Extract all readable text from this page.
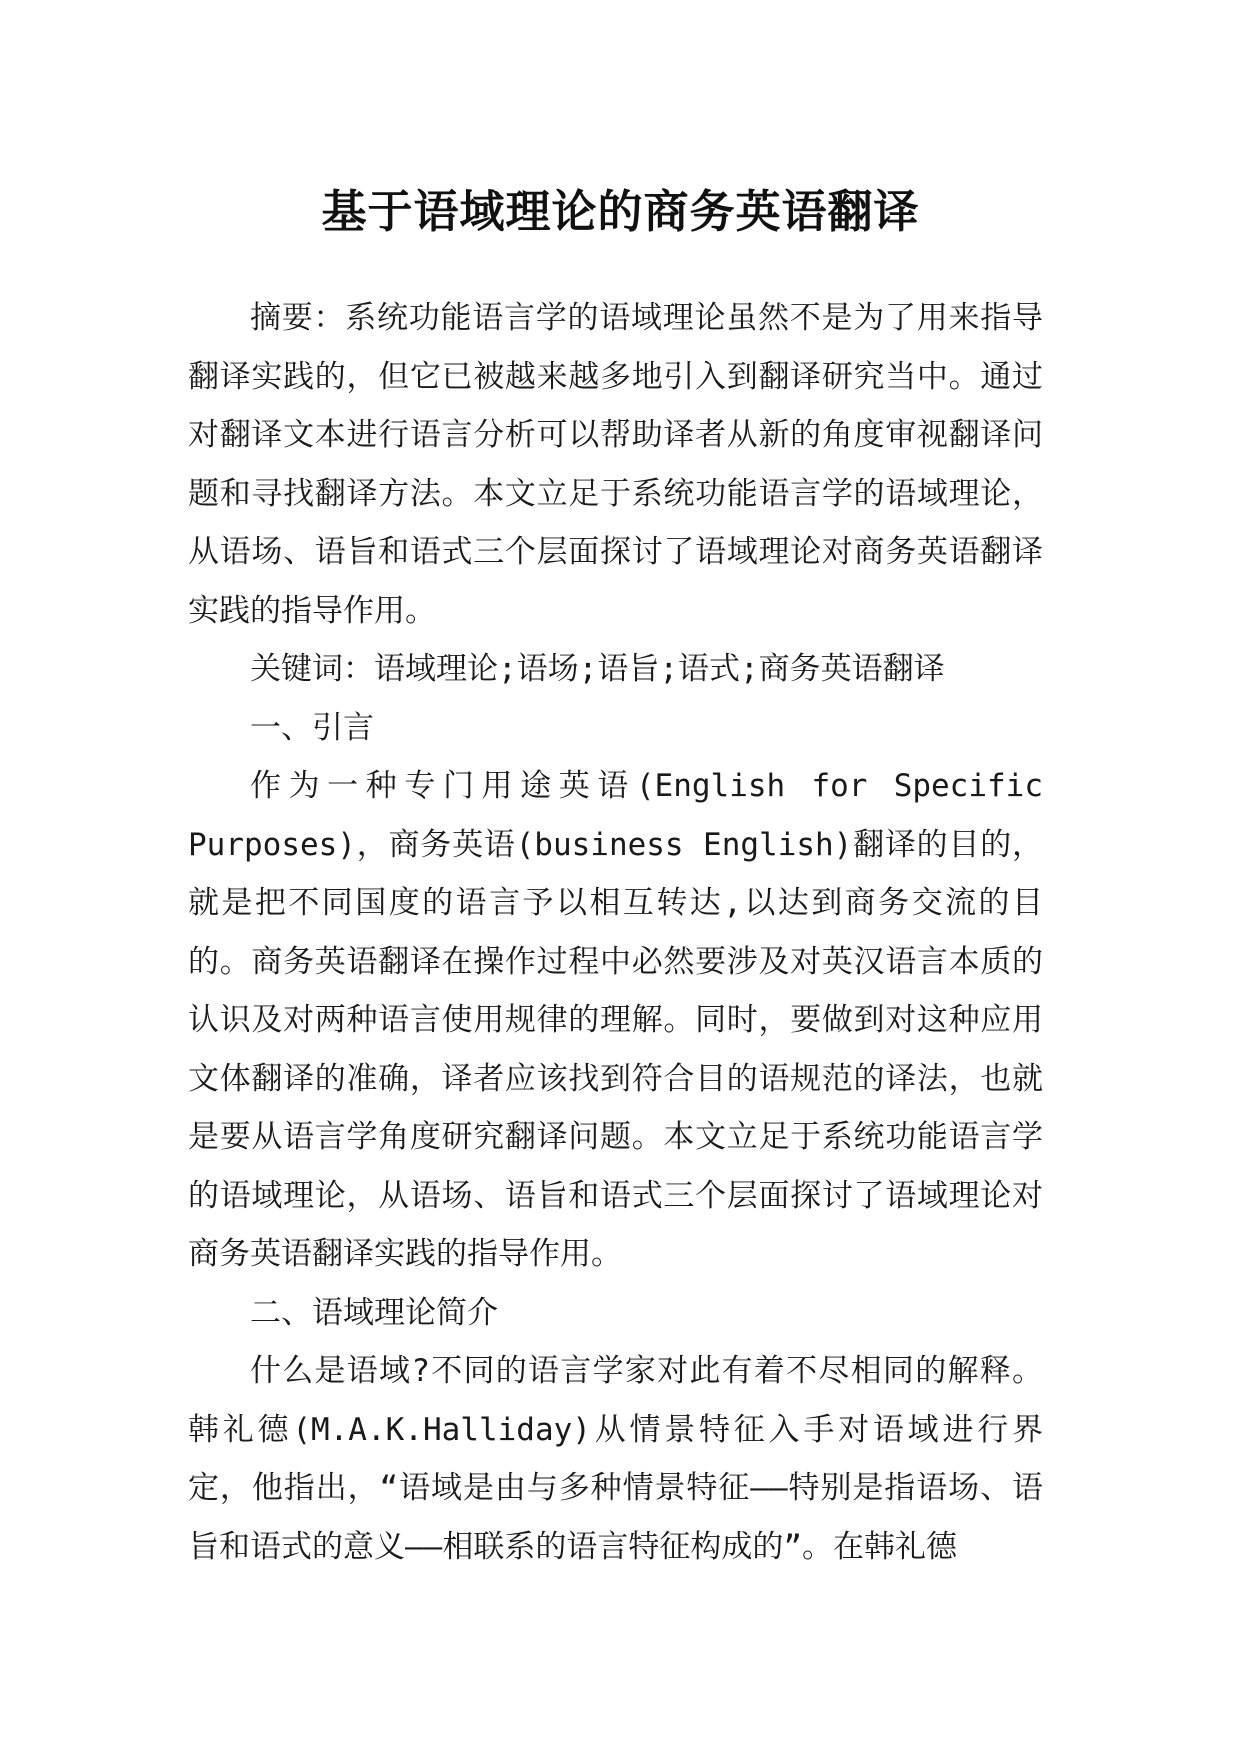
基于语域理论的商务英语翻译

摘要：系统功能语言学的语域理论虽然不是为了用来指导翻译实践的，但它已被越来越多地引入到翻译研究当中。通过对翻译文本进行语言分析可以帮助译者从新的角度审视翻译问题和寻找翻译方法。本文立足于系统功能语言学的语域理论，从语场、语旨和语式三个层面探讨了语域理论对商务英语翻译实践的指导作用。

关键词：语域理论;语场;语旨;语式;商务英语翻译

一、引言

作为一种专门用途英语(English for Specific Purposes)，商务英语(business English)翻译的目的，就是把不同国度的语言予以相互转达,以达到商务交流的目的。商务英语翻译在操作过程中必然要涉及对英汉语言本质的认识及对两种语言使用规律的理解。同时，要做到对这种应用文体翻译的准确，译者应该找到符合目的语规范的译法，也就是要从语言学角度研究翻译问题。本文立足于系统功能语言学的语域理论，从语场、语旨和语式三个层面探讨了语域理论对商务英语翻译实践的指导作用。

二、语域理论简介

什么是语域?不同的语言学家对此有着不尽相同的解释。韩礼德(M.A.K.Halliday)从情景特征入手对语域进行界定，他指出，“语域是由与多种情景特征——特别是指语场、语旨和语式的意义——相联系的语言特征构成的”。在韩礼德
